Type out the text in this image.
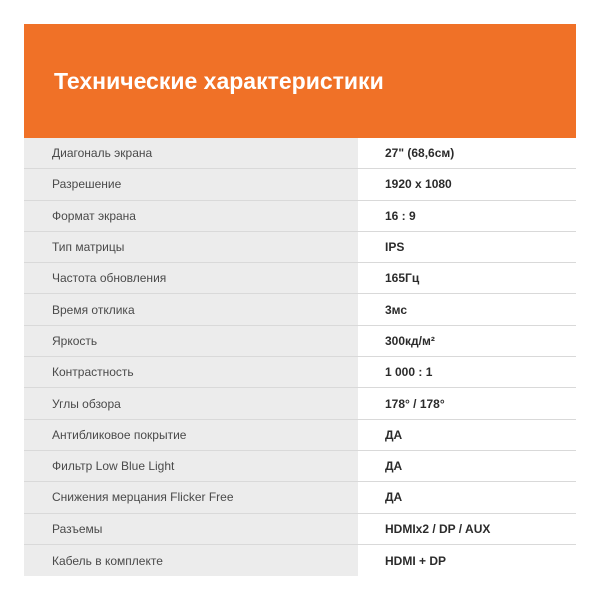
Технические характеристики
Диагональ экрана	27" (68,6см)
Разрешение	1920 x 1080
Формат экрана	16 : 9
Тип матрицы	IPS
Частота обновления	165Гц
Время отклика	3мс
Яркость	300кд/м²
Контрастность	1 000 : 1
Углы обзора	178° / 178°
Антибликовое покрытие	ДА
Фильтр Low Blue Light	ДА
Снижения мерцания Flicker Free	ДА
Разъемы	HDMIx2 / DP / AUX
Кабель в комплекте	HDMI + DP
